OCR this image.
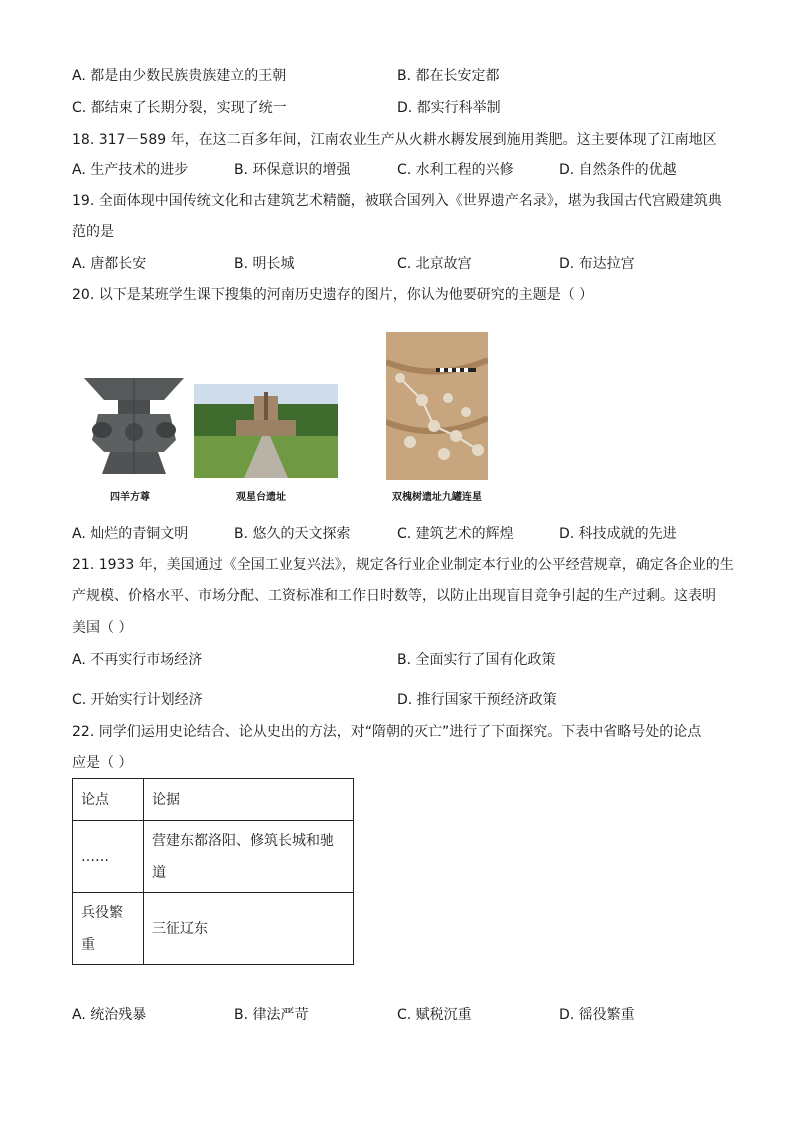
A. 都是由少数民族贵族建立的王朝	B. 都在长安定都
C. 都结束了长期分裂，实现了统一	D. 都实行科举制
18. 317－589 年，在这二百多年间，江南农业生产从火耕水耨发展到施用粪肥。这主要体现了江南地区
A. 生产技术的进步	B. 环保意识的增强	C. 水利工程的兴修	D. 自然条件的优越
19. 全面体现中国传统文化和古建筑艺术精髓，被联合国列入《世界遗产名录》，堪为我国古代宫殿建筑典
范的是
A. 唐都长安	B. 明长城	C. 北京故宫	D. 布达拉宫
20. 以下是某班学生课下搜集的河南历史遗存的图片，你认为他要研究的主题是（ ）
四羊方尊	观星台遗址	双槐树遗址九罐连星
A. 灿烂的青铜文明	B. 悠久的天文探索	C. 建筑艺术的辉煌	D. 科技成就的先进
21. 1933 年，美国通过《全国工业复兴法》，规定各行业企业制定本行业的公平经营规章，确定各企业的生
产规模、价格水平、市场分配、工资标准和工作日时数等，以防止出现盲目竞争引起的生产过剩。这表明
美国（ ）
A. 不再实行市场经济	B. 全面实行了国有化政策
C. 开始实行计划经济	D. 推行国家干预经济政策
22. 同学们运用史论结合、论从史出的方法，对“隋朝的灭亡”进行了下面探究。下表中省略号处的论点
应是（ ）
论点	论据
……	营建东都洛阳、修筑长城和驰
道

兵役繁
重	三征辽东
A. 统治残暴	B. 律法严苛	C. 赋税沉重	D. 徭役繁重
